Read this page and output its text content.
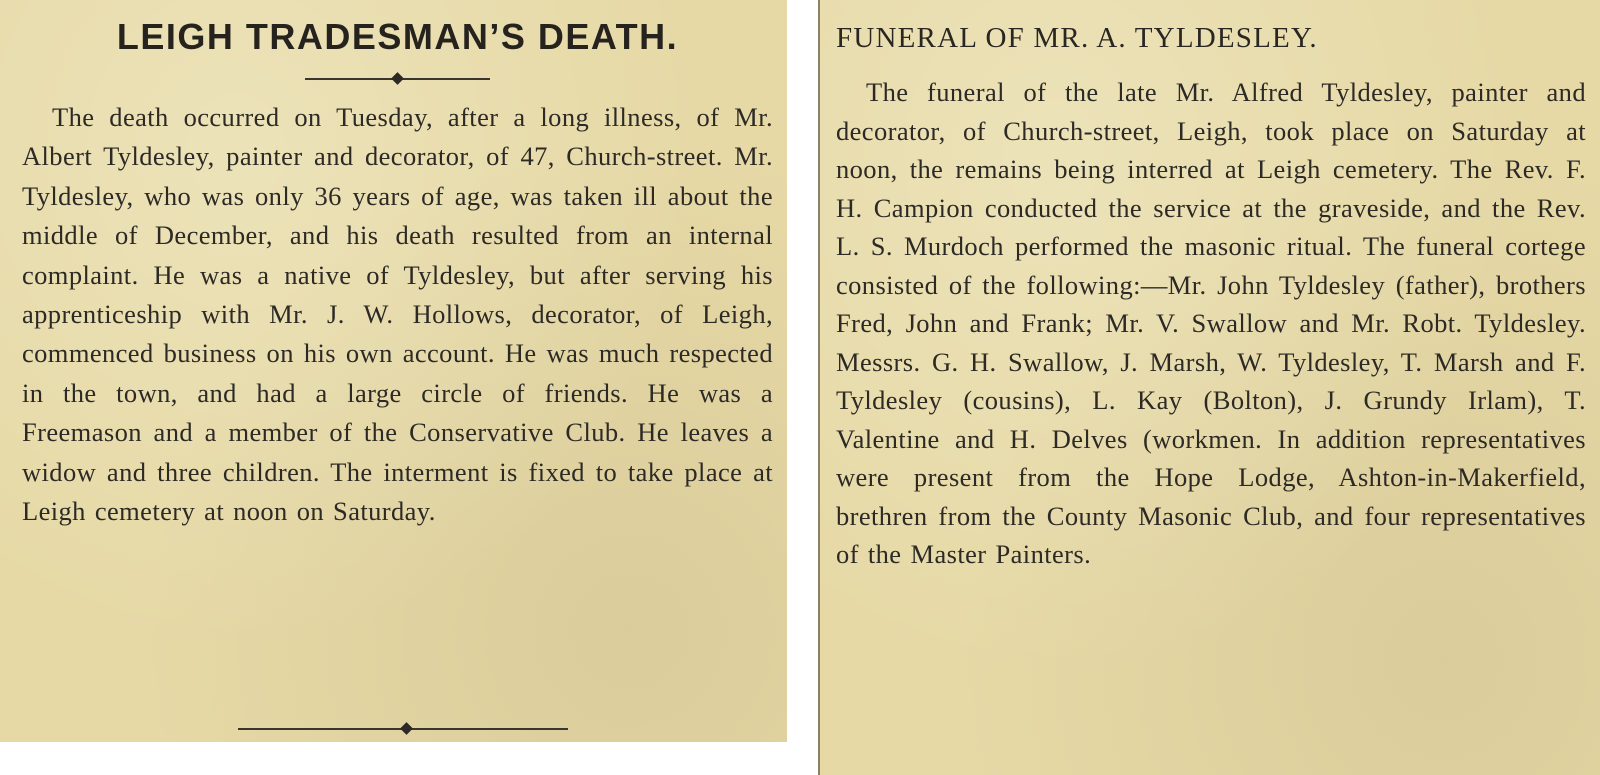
LEIGH TRADESMAN’S DEATH.

The death occurred on Tuesday, after a long illness, of Mr. Albert Tyldesley, painter and decorator, of 47, Church-street. Mr. Tyldesley, who was only 36 years of age, was taken ill about the middle of December, and his death resulted from an internal complaint. He was a native of Tyldesley, but after serving his apprenticeship with Mr. J. W. Hollows, decorator, of Leigh, commenced business on his own account. He was much respected in the town, and had a large circle of friends. He was a Freemason and a member of the Conservative Club. He leaves a widow and three children. The interment is fixed to take place at Leigh cemetery at noon on Saturday.

FUNERAL OF MR. A. TYLDESLEY.

The funeral of the late Mr. Alfred Tyldesley, painter and decorator, of Church-street, Leigh, took place on Saturday at noon, the remains being interred at Leigh cemetery. The Rev. F. H. Campion conducted the service at the graveside, and the Rev. L. S. Murdoch performed the masonic ritual. The funeral cortege consisted of the following:—Mr. John Tyldesley (father), brothers Fred, John and Frank; Mr. V. Swallow and Mr. Robt. Tyldesley. Messrs. G. H. Swallow, J. Marsh, W. Tyldesley, T. Marsh and F. Tyldesley (cousins), L. Kay (Bolton), J. Grundy Irlam), T. Valentine and H. Delves (workmen. In addition representatives were present from the Hope Lodge, Ashton-in-Makerfield, brethren from the County Masonic Club, and four representatives of the Master Painters.
